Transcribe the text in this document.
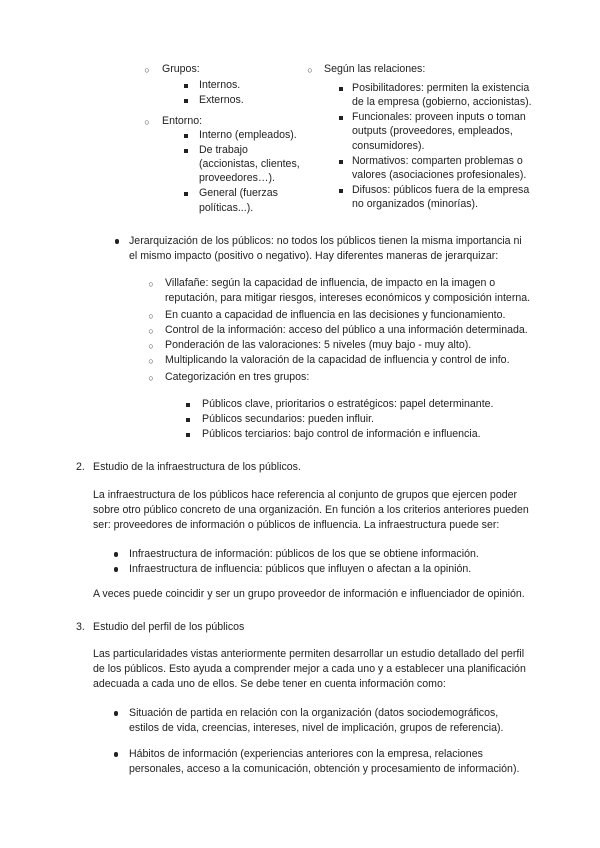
○ Grupos:
Internos.
Externos.
○ Entorno:
Interno (empleados).
De trabajo
(accionistas, clientes,
proveedores…).
General (fuerzas
políticas...).
○ Según las relaciones:
Posibilitadores: permiten la existencia
de la empresa (gobierno, accionistas).
Funcionales: proveen inputs o toman
outputs (proveedores, empleados,
consumidores).
Normativos: comparten problemas o
valores (asociaciones profesionales).
Difusos: públicos fuera de la empresa
no organizados (minorías).
Jerarquización de los públicos: no todos los públicos tienen la misma importancia ni
el mismo impacto (positivo o negativo). Hay diferentes maneras de jerarquizar:
○ Villafañe: según la capacidad de influencia, de impacto en la imagen o
reputación, para mitigar riesgos, intereses económicos y composición interna.
○ En cuanto a capacidad de influencia en las decisiones y funcionamiento.
○ Control de la información: acceso del público a una información determinada.
○ Ponderación de las valoraciones: 5 niveles (muy bajo - muy alto).
○ Multiplicando la valoración de la capacidad de influencia y control de info.
○ Categorización en tres grupos:
Públicos clave, prioritarios o estratégicos: papel determinante.
Públicos secundarios: pueden influir.
Públicos terciarios: bajo control de información e influencia.
2. Estudio de la infraestructura de los públicos.
La infraestructura de los públicos hace referencia al conjunto de grupos que ejercen poder
sobre otro público concreto de una organización. En función a los criterios anteriores pueden
ser: proveedores de información o públicos de influencia. La infraestructura puede ser:
Infraestructura de información: públicos de los que se obtiene información.
Infraestructura de influencia: públicos que influyen o afectan a la opinión.
A veces puede coincidir y ser un grupo proveedor de información e influenciador de opinión.
3. Estudio del perfil de los públicos
Las particularidades vistas anteriormente permiten desarrollar un estudio detallado del perfil
de los públicos. Esto ayuda a comprender mejor a cada uno y a establecer una planificación
adecuada a cada uno de ellos. Se debe tener en cuenta información como:
Situación de partida en relación con la organización (datos sociodemográficos,
estilos de vida, creencias, intereses, nivel de implicación, grupos de referencia).
Hábitos de información (experiencias anteriores con la empresa, relaciones
personales, acceso a la comunicación, obtención y procesamiento de información).
